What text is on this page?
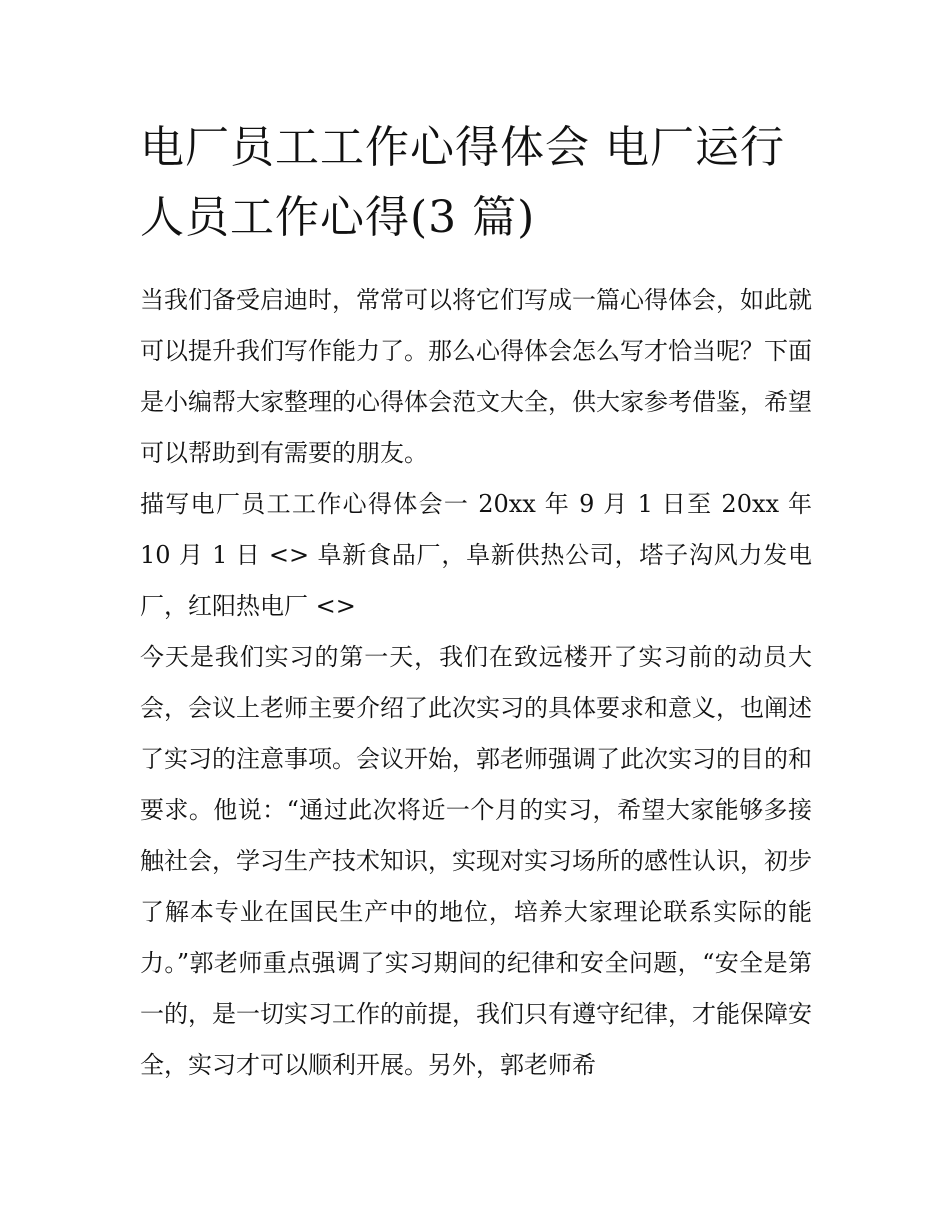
电厂员工工作心得体会 电厂运行人员工作心得(3 篇)

当我们备受启迪时，常常可以将它们写成一篇心得体会，如此就可以提升我们写作能力了。那么心得体会怎么写才恰当呢？下面是小编帮大家整理的心得体会范文大全，供大家参考借鉴，希望可以帮助到有需要的朋友。

描写电厂员工工作心得体会一 20xx 年 9 月 1 日至 20xx 年 10 月 1 日 <> 阜新食品厂，阜新供热公司，塔子沟风力发电厂，红阳热电厂 <>

今天是我们实习的第一天，我们在致远楼开了实习前的动员大会，会议上老师主要介绍了此次实习的具体要求和意义，也阐述了实习的注意事项。会议开始，郭老师强调了此次实习的目的和要求。他说：“通过此次将近一个月的实习，希望大家能够多接触社会，学习生产技术知识，实现对实习场所的感性认识，初步了解本专业在国民生产中的地位，培养大家理论联系实际的能力。”郭老师重点强调了实习期间的纪律和安全问题，“安全是第一的，是一切实习工作的前提，我们只有遵守纪律，才能保障安全，实习才可以顺利开展。另外，郭老师希
